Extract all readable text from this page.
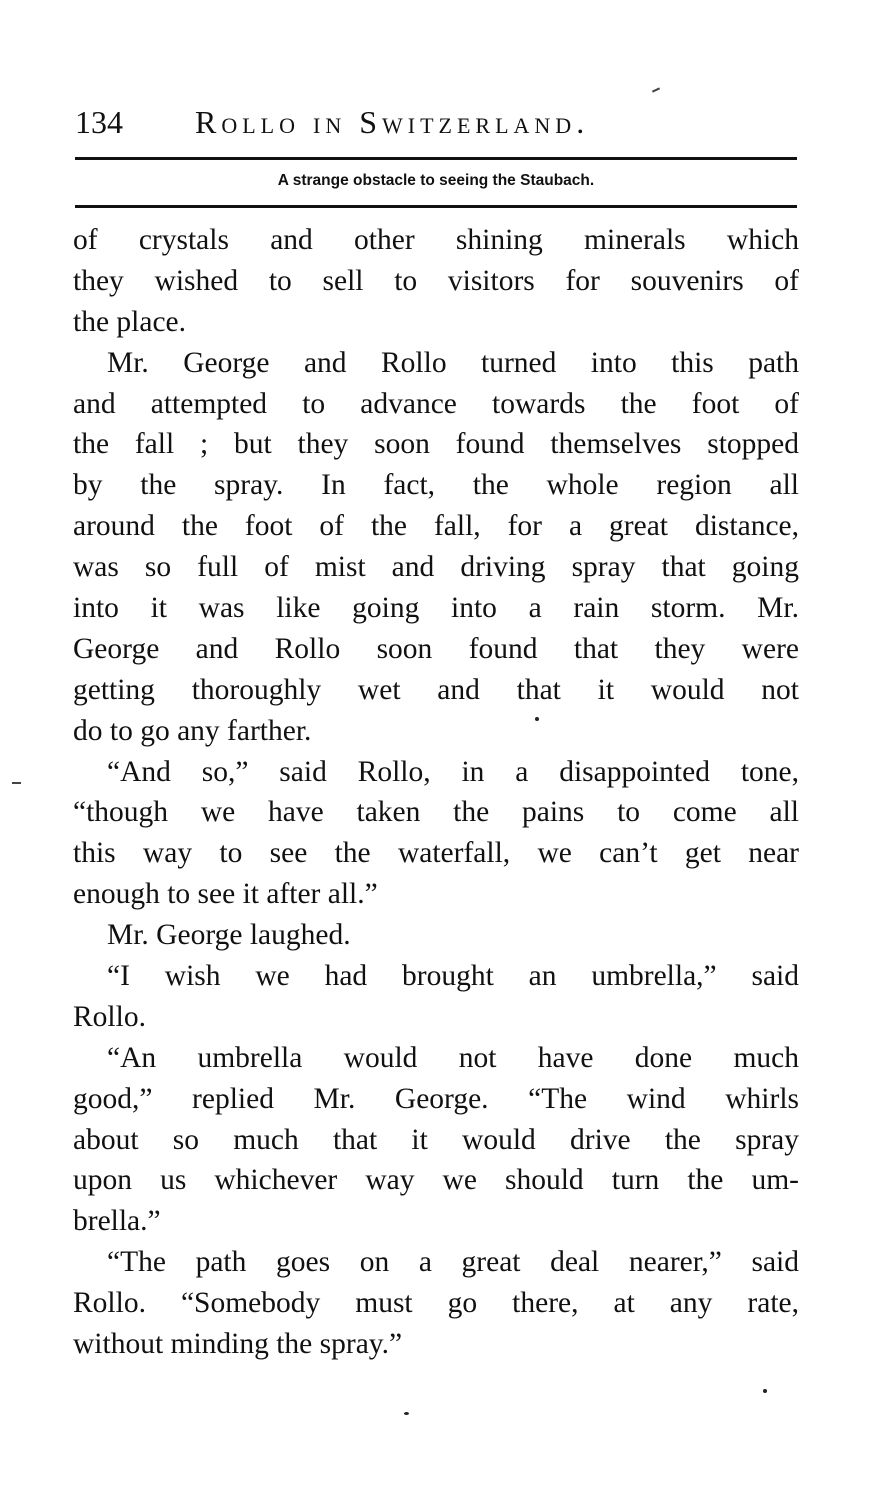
134 Rollo in Switzerland.
A strange obstacle to seeing the Staubach.
of crystals and other shining minerals which
they wished to sell to visitors for souvenirs of
the place.
Mr. George and Rollo turned into this path
and attempted to advance towards the foot of
the fall ; but they soon found themselves stopped
by the spray. In fact, the whole region all
around the foot of the fall, for a great distance,
was so full of mist and driving spray that going
into it was like going into a rain storm. Mr.
George and Rollo soon found that they were
getting thoroughly wet and that it would not
do to go any farther.
“And so,” said Rollo, in a disappointed tone,
“though we have taken the pains to come all
this way to see the waterfall, we can’t get near
enough to see it after all.”
Mr. George laughed.
“I wish we had brought an umbrella,” said
Rollo.
“An umbrella would not have done much
good,” replied Mr. George. “The wind whirls
about so much that it would drive the spray
upon us whichever way we should turn the um-
brella.”
“The path goes on a great deal nearer,” said
Rollo. “Somebody must go there, at any rate,
without minding the spray.”
